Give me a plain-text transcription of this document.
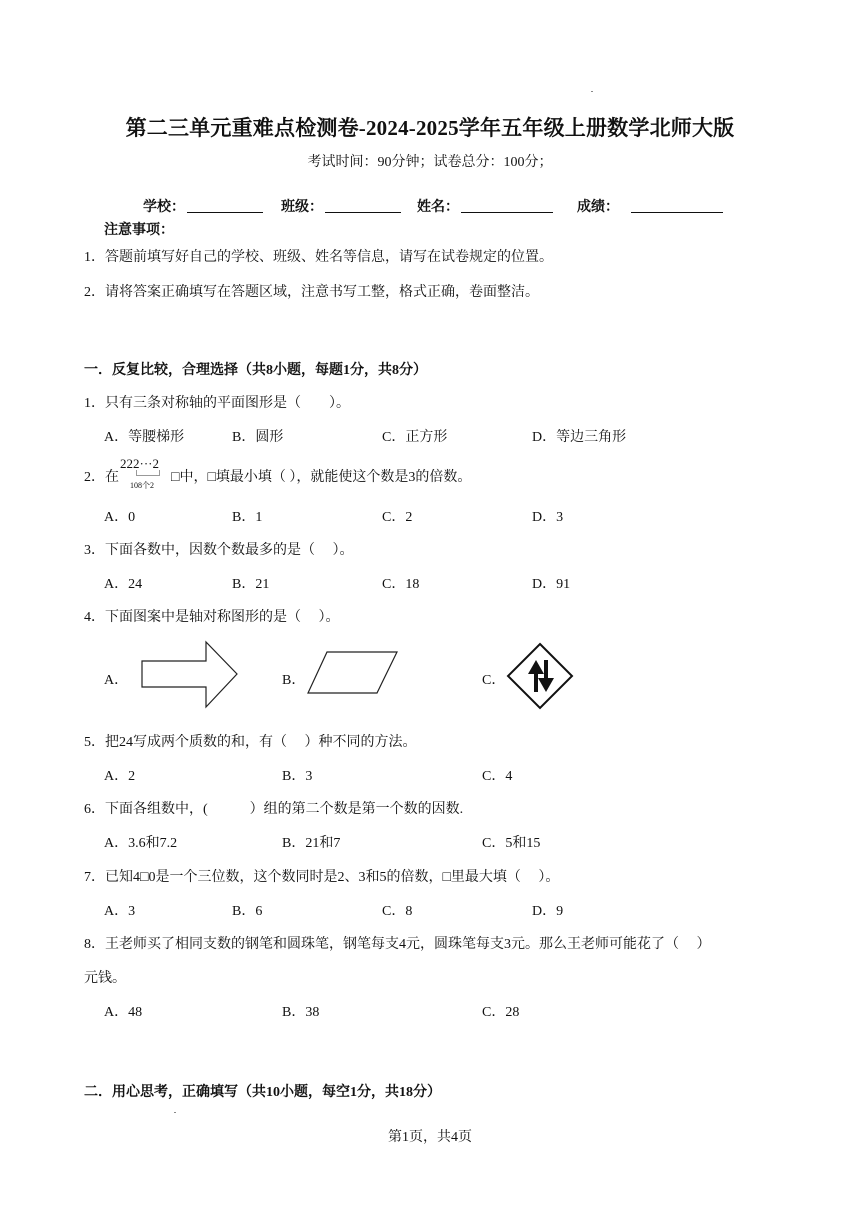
第二三单元重难点检测卷-2024-2025学年五年级上册数学北师大版
考试时间：90分钟；试卷总分：100分；
学校：	班级：	姓名：	成绩：
注意事项：
1．答题前填写好自己的学校、班级、姓名等信息，请写在试卷规定的位置。
2．请将答案正确填写在答题区域，注意书写工整，格式正确，卷面整洁。
一．反复比较，合理选择（共8小题，每题1分，共8分）
1．只有三条对称轴的平面图形是（　　）。
A．等腰梯形	B．圆形	C．正方形	D．等边三角形
2．在
222···2
108个2
□中，□填最小填（ ），就能使这个数是3的倍数。
A．0	B．1	C．2	D．3
3．下面各数中，因数个数最多的是（　 ）。
A．24	B．21	C．18	D．91
4．下面图案中是轴对称图形的是（　 ）。
A．	B．	C．
5．把24写成两个质数的和，有（　 ）种不同的方法。
A．2	B．3	C．4
6．下面各组数中，(　　　）组的第二个数是第一个数的因数.
A．3.6和7.2	B．21和7	C．5和15
7．已知4□0是一个三位数，这个数同时是2、3和5的倍数，□里最大填（　 ）。
A．3	B．6	C．8	D．9
8．王老师买了相同支数的钢笔和圆珠笔，钢笔每支4元，圆珠笔每支3元。那么王老师可能花了（　 ）
元钱。
A．48	B．38	C．28
二．用心思考，正确填写（共10小题，每空1分，共18分）
第1页，共4页
